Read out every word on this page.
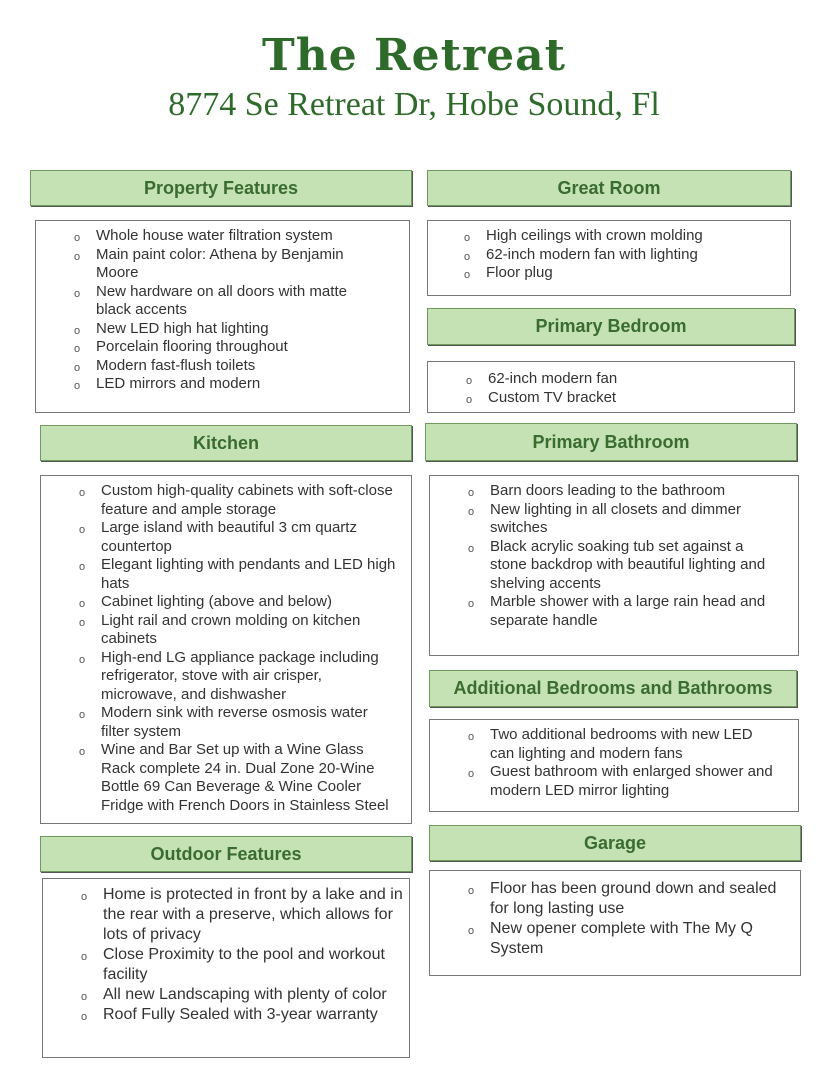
The Retreat
8774 Se Retreat Dr, Hobe Sound, Fl
Property Features
o Whole house water filtration system
o Main paint color: Athena by Benjamin Moore
o New hardware on all doors with matte black accents
o New LED high hat lighting
o Porcelain flooring throughout
o Modern fast-flush toilets
o LED mirrors and modern
Great Room
o High ceilings with crown molding
o 62-inch modern fan with lighting
o Floor plug
Primary Bedroom
o 62-inch modern fan
o Custom TV bracket
Kitchen
o Custom high-quality cabinets with soft-close feature and ample storage
o Large island with beautiful 3 cm quartz countertop
o Elegant lighting with pendants and LED high hats
o Cabinet lighting (above and below)
o Light rail and crown molding on kitchen cabinets
o High-end LG appliance package including refrigerator, stove with air crisper, microwave, and dishwasher
o Modern sink with reverse osmosis water filter system
o Wine and Bar Set up with a Wine Glass Rack complete 24 in. Dual Zone 20-Wine Bottle 69 Can Beverage & Wine Cooler Fridge with French Doors in Stainless Steel
Primary Bathroom
o Barn doors leading to the bathroom
o New lighting in all closets and dimmer switches
o Black acrylic soaking tub set against a stone backdrop with beautiful lighting and shelving accents
o Marble shower with a large rain head and separate handle
Additional Bedrooms and Bathrooms
o Two additional bedrooms with new LED can lighting and modern fans
o Guest bathroom with enlarged shower and modern LED mirror lighting
Outdoor Features
o Home is protected in front by a lake and in the rear with a preserve, which allows for lots of privacy
o Close Proximity to the pool and workout facility
o All new Landscaping with plenty of color
o Roof Fully Sealed with 3-year warranty
Garage
o Floor has been ground down and sealed for long lasting use
o New opener complete with The My Q System
